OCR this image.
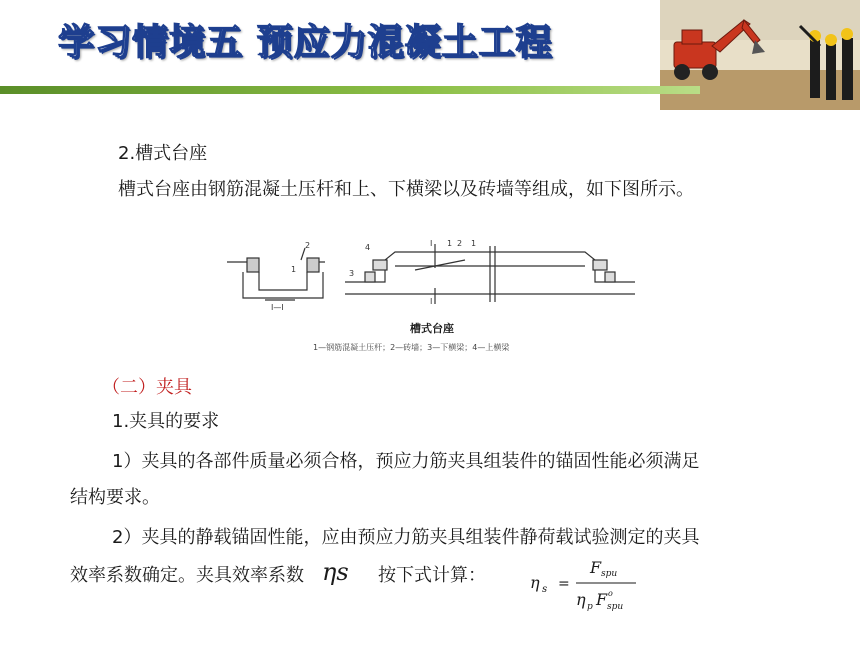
学习情境五 预应力混凝土工程
2.槽式台座
槽式台座由钢筋混凝土压杆和上、下横梁以及砖墙等组成，如下图所示。
2
1
4
3
1 2 1
Ⅰ
Ⅰ
Ⅰ—Ⅰ
槽式台座
1—钢筋混凝土压杆；2—砖墙；3—下横梁；4—上横梁
（二）夹具
1.夹具的要求
1）夹具的各部件质量必须合格，预应力筋夹具组装件的锚固性能必须满足
结构要求。
2）夹具的静载锚固性能，应由预应力筋夹具组装件静荷载试验测定的夹具
效率系数确定。夹具效率系数 ηs 按下式计算：	η s =
F spu
η p F o
spu
